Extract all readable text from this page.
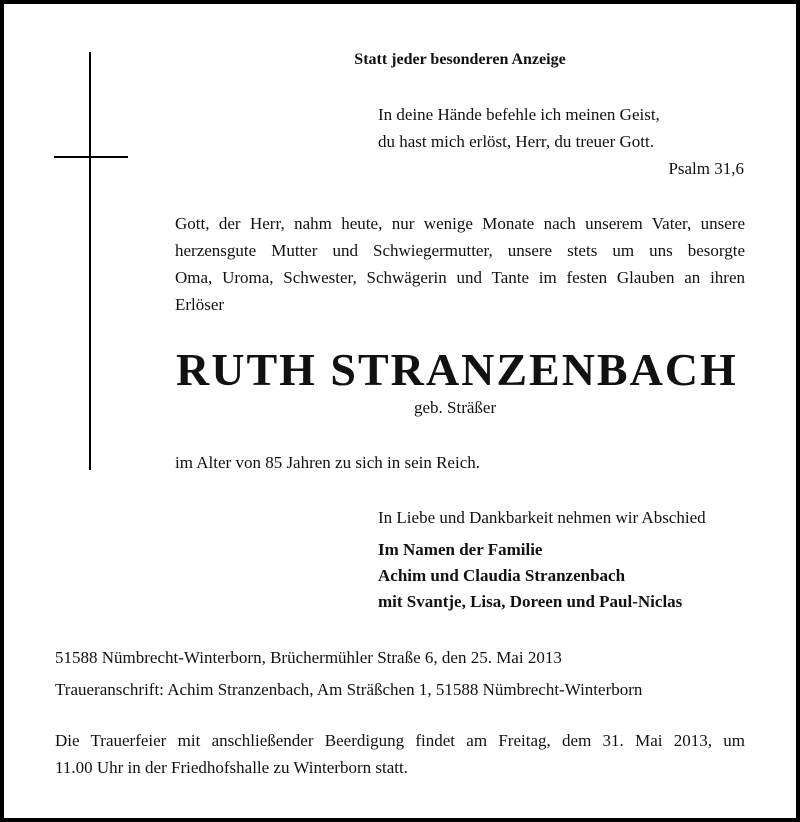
Statt jeder besonderen Anzeige
In deine Hände befehle ich meinen Geist,
du hast mich erlöst, Herr, du treuer Gott.
Psalm 31,6
Gott, der Herr, nahm heute, nur wenige Monate nach unserem Vater, unsere
herzensgute Mutter und Schwiegermutter, unsere stets um uns besorgte
Oma, Uroma, Schwester, Schwägerin und Tante im festen Glauben an ihren
Erlöser
RUTH STRANZENBACH
geb. Sträßer
im Alter von 85 Jahren zu sich in sein Reich.
In Liebe und Dankbarkeit nehmen wir Abschied
Im Namen der Familie
Achim und Claudia Stranzenbach
mit Svantje, Lisa, Doreen und Paul-Niclas
51588 Nümbrecht-Winterborn, Brüchermühler Straße 6, den 25. Mai 2013
Traueranschrift: Achim Stranzenbach, Am Sträßchen 1, 51588 Nümbrecht-Winterborn
Die Trauerfeier mit anschließender Beerdigung findet am Freitag, dem 31. Mai 2013, um
11.00 Uhr in der Friedhofshalle zu Winterborn statt.
